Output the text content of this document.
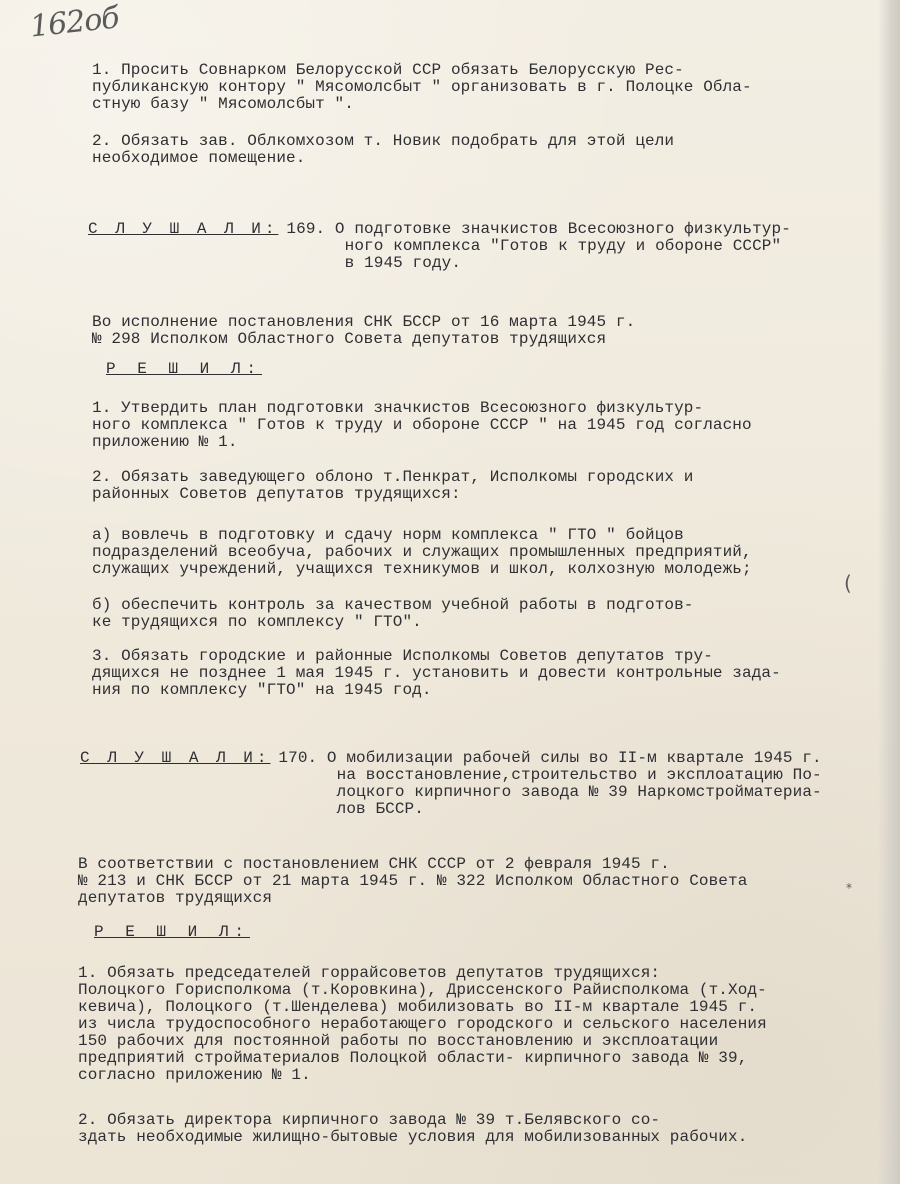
162об
1. Просить Совнарком Белорусской ССР обязать Белорусскую Рес-
публиканскую контору " Мясомолсбыт " организовать в г. Полоцке Обла-
стную базу " Мясомолсбыт ".
2. Обязать зав. Облкомхозом т. Новик подобрать для этой цели
необходимое помещение.
С Л У Ш А Л И: 169. О подготовке значкистов Всесоюзного физкультур-
ного комплекса "Готов к труду и обороне СССР"
в 1945 году.
Во исполнение постановления СНК БССР от 16 марта 1945 г.
№ 298 Исполком Областного Совета депутатов трудящихся
Р Е Ш И Л:
1. Утвердить план подготовки значкистов Всесоюзного физкультур-
ного комплекса " Готов к труду и обороне СССР " на 1945 год согласно
приложению № 1.
2. Обязать заведующего облоно т.Пенкрат, Исполкомы городских и
районных Советов депутатов трудящихся:
а) вовлечь в подготовку и сдачу норм комплекса " ГТО " бойцов
подразделений всеобуча, рабочих и служащих промышленных предприятий,
служащих учреждений, учащихся техникумов и школ, колхозную молодежь;
б) обеспечить контроль за качеством учебной работы в подготов-
ке трудящихся по комплексу " ГТО".
3. Обязать городские и районные Исполкомы Советов депутатов тру-
дящихся не позднее 1 мая 1945 г. установить и довести контрольные зада-
ния по комплексу "ГТО" на 1945 год.
С Л У Ш А Л И: 170. О мобилизации рабочей силы во II-м квартале 1945 г.
на восстановление,строительство и эксплоатацию По-
лоцкого кирпичного завода № 39 Наркомстройматериа-
лов БССР.
В соответствии с постановлением СНК СССР от 2 февраля 1945 г.
№ 213 и СНК БССР от 21 марта 1945 г. № 322 Исполком Областного Совета
депутатов трудящихся
Р Е Ш И Л:
1. Обязать председателей горрайсоветов депутатов трудящихся:
Полоцкого Горисполкома (т.Коровкина), Дриссенского Райисполкома (т.Ход-
кевича), Полоцкого (т.Шенделева) мобилизовать во II-м квартале 1945 г.
из числа трудоспособного неработающего городского и сельского населения
150 рабочих для постоянной работы по восстановлению и эксплоатации
предприятий стройматериалов Полоцкой области- кирпичного завода № 39,
согласно приложению № 1.
2. Обязать директора кирпичного завода № 39 т.Белявского со-
здать необходимые жилищно-бытовые условия для мобилизованных рабочих.
(
*
